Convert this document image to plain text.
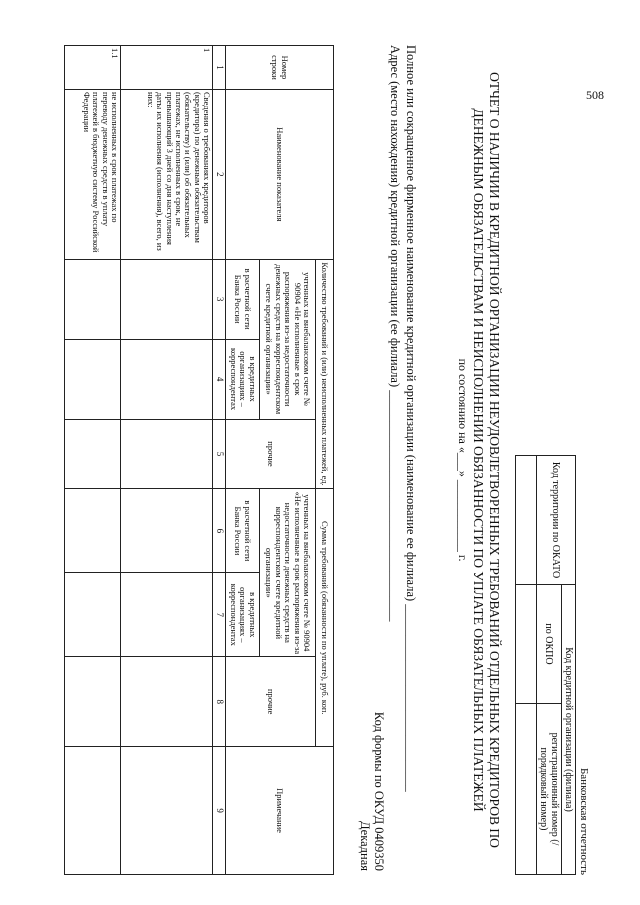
508
Банковская отчетность
Код территории по ОКАТО	Код кредитной организации (филиала)	
	по ОКПО	регистрационный номер (/порядковый номер)

ОТЧЕТ О НАЛИЧИИ В КРЕДИТНОЙ ОРГАНИЗАЦИИ НЕУДОВЛЕТВОРЕННЫХ ТРЕБОВАНИЙ ОТДЕЛЬНЫХ КРЕДИТОРОВ ПО
ДЕНЕЖНЫМ ОБЯЗАТЕЛЬСТВАМ И НЕИСПОЛНЕНИИ ОБЯЗАННОСТИ ПО УПЛАТЕ ОБЯЗАТЕЛЬНЫХ ПЛАТЕЖЕЙ
по состоянию на «___» ____________ г.
Полное или сокращенное фирменное наименование кредитной организации (наименование ее филиала) ______________________________
Адрес (место нахождения) кредитной организации (ее филиала) _____________________________________
Код формы по ОКУД 0409350
Декадная
Номер строки	Наименование показателя	Количество требований и (или) неисполненных платежей, ед.			Сумма требований (обязанности по уплате), руб. коп.			Примечание
		учтенных на внебалансовом счете № 90904 «Не исполненные в срок распоряжения из-за недостаточности денежных средств на корреспондентском счете кредитной организации»		прочие	учтенных на внебалансовом счете № 90904 «Не исполненные в срок распоряжения из-за недостаточности денежных средств на корреспондентском счете кредитной организации»		прочие	
		в расчетной сети Банка России	в кредитных организациях – корреспондентах		в расчетной сети Банка России	в кредитных организациях – корреспондентах		
1	2	3	4	5	6	7	8	9
1	Сведения о требованиях кредиторов (кредитора) по денежным обязательствам (обязательству) и (или) об обязательных платежах, не исполненных в срок, не превышающий 3 дней со дня наступления даты их исполнения (исполнения), всего, из них:							
1.1	не исполненных в срок платежах по переводу денежных средств в уплату платежей в бюджетную систему Российской Федерации							
